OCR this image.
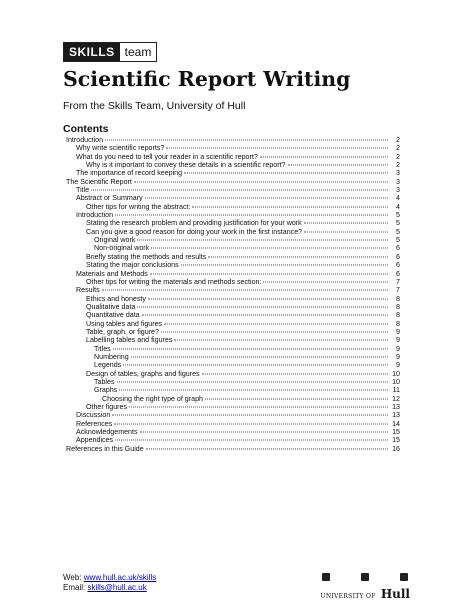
SKILLS team
Scientific Report Writing
From the Skills Team, University of Hull
Contents
Introduction	2
Why write scientific reports?	2
What do you need to tell your reader in a scientific report?	2
Why is it important to convey these details in a scientific report?	2
The importance of record keeping	3
The Scientific Report	3
Title	3
Abstract or Summary	4
Other tips for writing the abstract:	4
Introduction	5
Stating the research problem and providing justification for your work	5
Can you give a good reason for doing your work in the first instance?	5
Original work	5
Non-original work	6
Briefly stating the methods and results	6
Stating the major conclusions	6
Materials and Methods	6
Other tips for writing the materials and methods section:	7
Results	7
Ethics and honesty	8
Qualitative data	8
Quantitative data	8
Using tables and figures	8
Table, graph, or figure?	9
Labelling tables and figures	9
Titles	9
Numbering	9
Legends	9
Design of tables, graphs and figures	10
Tables	10
Graphs	11
Choosing the right type of graph	12
Other figures	13
Discussion	13
References	14
Acknowledgements	15
Appendices	15
References in this Guide	16
Web: www.hull.ac.uk/skills
Email: skills@hull.ac.uk
UNIVERSITY OF Hull
